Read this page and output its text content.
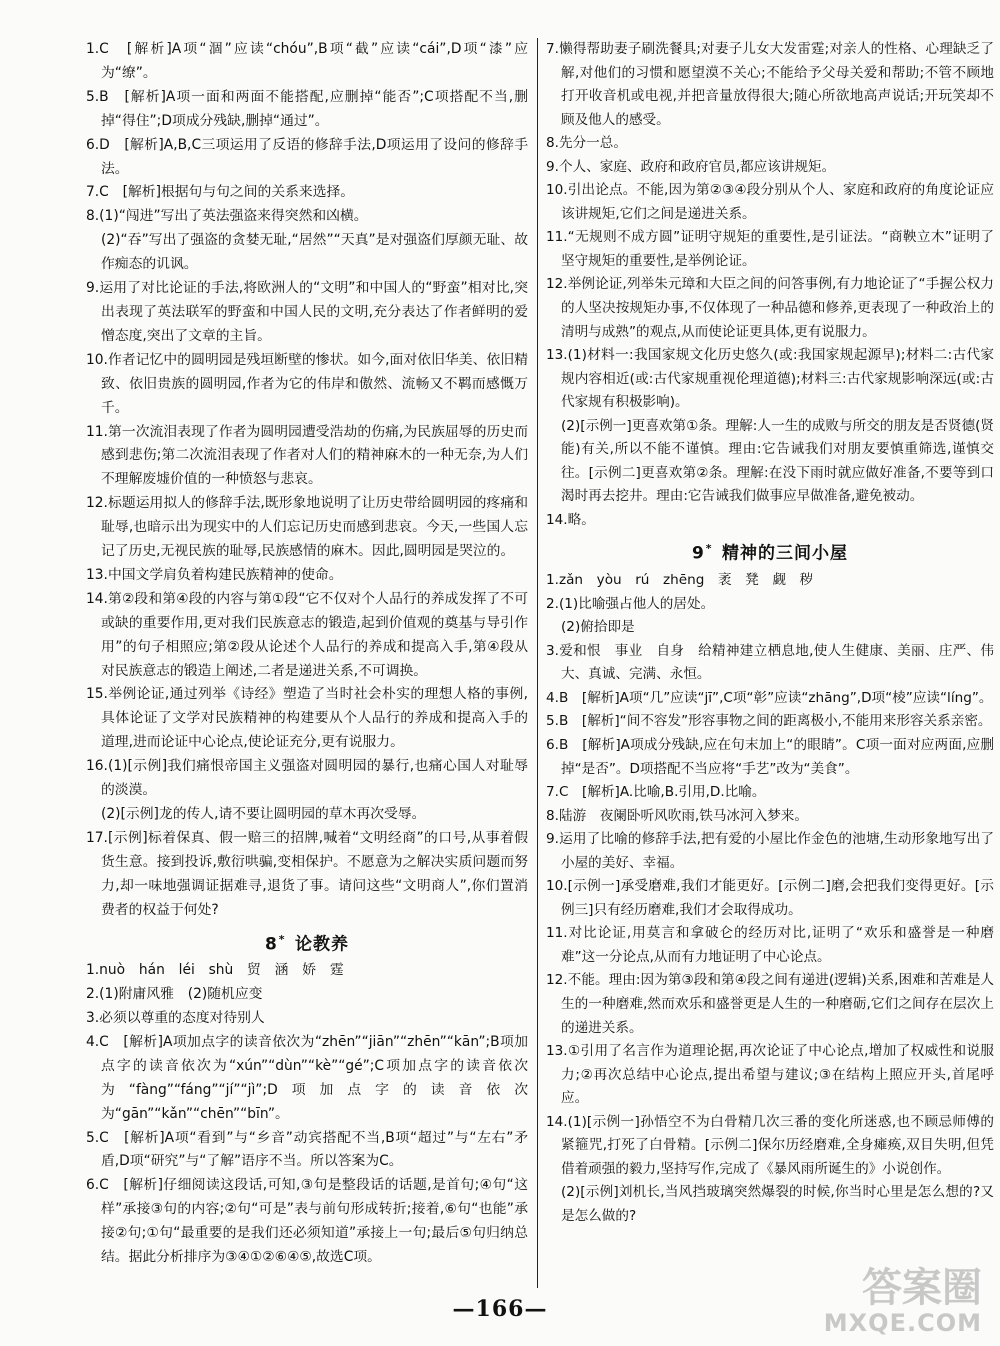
1.C　[解析]A项“涸”应读“chóu”,B项“截”应读“cái”,D项“漆”应为“缭”。

5.B　[解析]A项一面和两面不能搭配,应删掉“能否”;C项搭配不当,删掉“得住”;D项成分残缺,删掉“通过”。

6.D　[解析]A,B,C三项运用了反语的修辞手法,D项运用了设问的修辞手法。

7.C　[解析]根据句与句之间的关系来选择。

8.(1)“闯进”写出了英法强盗来得突然和凶横。

(2)“吞”写出了强盗的贪婪无耻,“居然”“天真”是对强盗们厚颜无耻、故作痴态的讥讽。

9.运用了对比论证的手法,将欧洲人的“文明”和中国人的“野蛮”相对比,突出表现了英法联军的野蛮和中国人民的文明,充分表达了作者鲜明的爱憎态度,突出了文章的主旨。

10.作者记忆中的圆明园是残垣断壁的惨状。如今,面对依旧华美、依旧精致、依旧贵族的圆明园,作者为它的伟岸和傲然、流畅又不羁而感慨万千。

11.第一次流泪表现了作者为圆明园遭受浩劫的伤痛,为民族屈辱的历史而感到悲伤;第二次流泪表现了作者对人们的精神麻木的一种无奈,为人们不理解废墟价值的一种愤怒与悲哀。

12.标题运用拟人的修辞手法,既形象地说明了让历史带给圆明园的疼痛和耻辱,也暗示出为现实中的人们忘记历史而感到悲哀。今天,一些国人忘记了历史,无视民族的耻辱,民族感情的麻木。因此,圆明园是哭泣的。

13.中国文学肩负着构建民族精神的使命。

14.第②段和第④段的内容与第①段“它不仅对个人品行的养成发挥了不可或缺的重要作用,更对我们民族意志的锻造,起到价值观的奠基与导引作用”的句子相照应;第②段从论述个人品行的养成和提高入手,第④段从对民族意志的锻造上阐述,二者是递进关系,不可调换。

15.举例论证,通过列举《诗经》塑造了当时社会朴实的理想人格的事例,具体论证了文学对民族精神的构建要从个人品行的养成和提高入手的道理,进而论证中心论点,使论证充分,更有说服力。

16.(1)[示例]我们痛恨帝国主义强盗对圆明园的暴行,也痛心国人对耻辱的淡漠。

(2)[示例]龙的传人,请不要让圆明园的草木再次受辱。

17.[示例]标着保真、假一赔三的招牌,喊着“文明经商”的口号,从事着假货生意。接到投诉,敷衍哄骗,变相保护。不愿意为之解决实质问题而努力,却一味地强调证据难寻,退货了事。请问这些“文明商人”,你们置消费者的权益于何处?

8*  论教养

1.nuò　hán　léi　shù　贸　涵　娇　霆

2.(1)附庸风雅　(2)随机应变

3.必须以尊重的态度对待别人

4.C　[解析]A项加点字的读音依次为“zhēn”“jiān”“zhēn”“kān”;B项加点字的读音依次为“xún”“dùn”“kè”“gé”;C项加点字的读音依次为“fàng”“fáng”“jí”“jì”;D项加点字的读音依次为“gān”“kǎn”“chēn”“bīn”。

5.C　[解析]A项“看到”与“乡音”动宾搭配不当,B项“超过”与“左右”矛盾,D项“研究”与“了解”语序不当。所以答案为C。

6.C　[解析]仔细阅读这段话,可知,③句是整段话的话题,是首句;④句“这样”承接③句的内容;②句“可是”表与前句形成转折;接着,⑥句“也能”承接②句;①句“最重要的是我们还必须知道”承接上一句;最后⑤句归纳总结。据此分析排序为③④①②⑥④⑤,故选C项。

7.懒得帮助妻子刷洗餐具;对妻子儿女大发雷霆;对亲人的性格、心理缺乏了解,对他们的习惯和愿望漠不关心;不能给予父母关爱和帮助;不管不顾地打开收音机或电视,并把音量放得很大;随心所欲地高声说话;开玩笑却不顾及他人的感受。

8.先分一总。

9.个人、家庭、政府和政府官员,都应该讲规矩。

10.引出论点。不能,因为第②③④段分别从个人、家庭和政府的角度论证应该讲规矩,它们之间是递进关系。

11.“无规则不成方圆”证明守规矩的重要性,是引证法。“商鞅立木”证明了坚守规矩的重要性,是举例论证。

12.举例论证,列举朱元璋和大臣之间的问答事例,有力地论证了“手握公权力的人坚决按规矩办事,不仅体现了一种品德和修养,更表现了一种政治上的清明与成熟”的观点,从而使论证更具体,更有说服力。

13.(1)材料一:我国家规文化历史悠久(或:我国家规起源早);材料二:古代家规内容相近(或:古代家规重视伦理道德);材料三:古代家规影响深远(或:古代家规有积极影响)。

(2)[示例一]更喜欢第①条。理解:人一生的成败与所交的朋友是否贤德(贤能)有关,所以不能不谨慎。理由:它告诫我们对朋友要慎重筛选,谨慎交往。[示例二]更喜欢第②条。理解:在没下雨时就应做好准备,不要等到口渴时再去挖井。理由:它告诫我们做事应早做准备,避免被动。

14.略。

9*  精神的三间小屋

1.zǎn　yòu　rú　zhēng　袤　凳　觑　秽

2.(1)比喻强占他人的居处。

(2)俯拾即是

3.爱和恨　事业　自身　给精神建立栖息地,使人生健康、美丽、庄严、伟大、真诚、完满、永恒。

4.B　[解析]A项“几”应读“jī”,C项“彰”应读“zhāng”,D项“棱”应读“líng”。

5.B　[解析]“间不容发”形容事物之间的距离极小,不能用来形容关系亲密。

6.B　[解析]A项成分残缺,应在句末加上“的眼睛”。C项一面对应两面,应删掉“是否”。D项搭配不当应将“手艺”改为“美食”。

7.C　[解析]A.比喻,B.引用,D.比喻。

8.陆游　夜阑卧听风吹雨,铁马冰河入梦来。

9.运用了比喻的修辞手法,把有爱的小屋比作金色的池塘,生动形象地写出了小屋的美好、幸福。

10.[示例一]承受磨难,我们才能更好。[示例二]磨,会把我们变得更好。[示例三]只有经历磨难,我们才会取得成功。

11.对比论证,用莫言和拿破仑的经历对比,证明了“欢乐和盛誉是一种磨难”这一分论点,从而有力地证明了中心论点。

12.不能。理由:因为第③段和第④段之间有递进(逻辑)关系,困难和苦难是人生的一种磨难,然而欢乐和盛誉更是人生的一种磨砺,它们之间存在层次上的递进关系。

13.①引用了名言作为道理论据,再次论证了中心论点,增加了权威性和说服力;②再次总结中心论点,提出希望与建议;③在结构上照应开头,首尾呼应。

14.(1)[示例一]孙悟空不为白骨精几次三番的变化所迷惑,也不顾忌师傅的紧箍咒,打死了白骨精。[示例二]保尔历经磨难,全身瘫痪,双目失明,但凭借着顽强的毅力,坚持写作,完成了《暴风雨所诞生的》小说创作。

(2)[示例]刘机长,当风挡玻璃突然爆裂的时候,你当时心里是怎么想的?又是怎么做的?

—166—	答案圈
MXQE.COM
